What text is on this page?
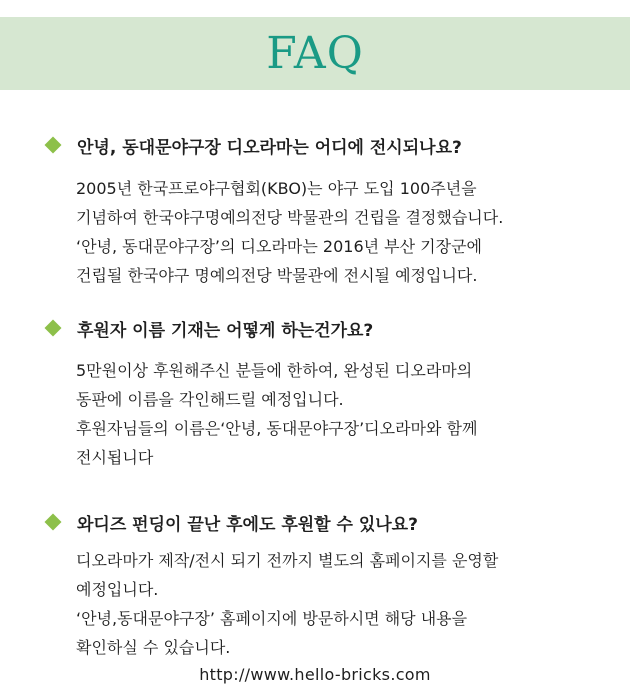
FAQ
안녕, 동대문야구장 디오라마는 어디에 전시되나요?
2005년 한국프로야구협회(KBO)는 야구 도입 100주년을
기념하여 한국야구명예의전당 박물관의 건립을 결정했습니다.
‘안녕, 동대문야구장’의 디오라마는 2016년 부산 기장군에
건립될 한국야구 명예의전당 박물관에 전시될 예정입니다.
후원자 이름 기재는 어떻게 하는건가요?
5만원이상 후원해주신 분들에 한하여, 완성된 디오라마의
동판에 이름을 각인해드릴 예정입니다.
후원자님들의 이름은‘안녕, 동대문야구장’디오라마와 함께
전시됩니다
와디즈 펀딩이 끝난 후에도 후원할 수 있나요?
디오라마가 제작/전시 되기 전까지 별도의 홈페이지를 운영할
예정입니다.
‘안녕,동대문야구장’ 홈페이지에 방문하시면 해당 내용을
확인하실 수 있습니다.
http://www.hello-bricks.com
